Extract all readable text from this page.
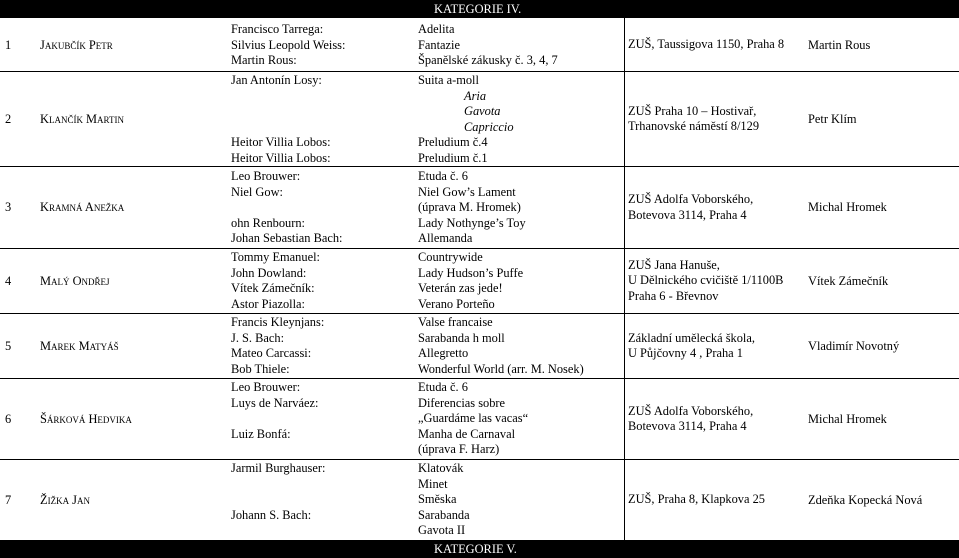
KATEGORIE IV.
1 Jakubčík Petr
Francisco Tarrega:
Silvius Leopold Weiss:
Martin Rous:
Adelita
Fantazie
Španělské zákusky č. 3, 4, 7
ZUŠ, Taussigova 1150, Praha 8 Martin Rous
2 Klančík Martin
Jan Antonín Losy:
Heitor Villia Lobos:
Heitor Villia Lobos:
Suita a-moll
Aria
Gavota
Capriccio
Preludium č.4
Preludium č.1
ZUŠ Praha 10 – Hostivař,
Trhanovské náměstí 8/129
Petr Klím
3 Kramná Anežka
Leo Brouwer:
Niel Gow:
ohn Renbourn:
Johan Sebastian Bach:
Etuda č. 6
Niel Gow’s Lament
(úprava M. Hromek)
Lady Nothynge’s Toy
Allemanda
ZUŠ Adolfa Voborského,
Botevova 3114, Praha 4
Michal Hromek
4 Malý Ondřej
Tommy Emanuel:
John Dowland:
Vítek Zámečník:
Astor Piazolla:
Countrywide
Lady Hudson’s Puffe
Veterán zas jede!
Verano Porteño
ZUŠ Jana Hanuše,
U Dělnického cvičiště 1/1100B
Praha 6 - Břevnov
Vítek Zámečník
5 Marek Matyáš
Francis Kleynjans:
J. S. Bach:
Mateo Carcassi:
Bob Thiele:
Valse francaise
Sarabanda h moll
Allegretto
Wonderful World (arr. M. Nosek)
Základní umělecká škola,
U Půjčovny 4 , Praha 1
Vladimír Novotný
6 Šárková Hedvika
Leo Brouwer:
Luys de Narváez:
Luiz Bonfá:
Etuda č. 6
Diferencias sobre
„Guardáme las vacas“
Manha de Carnaval
(úprava F. Harz)
ZUŠ Adolfa Voborského,
Botevova 3114, Praha 4
Michal Hromek
7 Žižka Jan
Jarmil Burghauser:
Johann S. Bach:
Klatovák
Minet
Směska
Sarabanda
Gavota II
ZUŠ, Praha 8, Klapkova 25	Zdeňka Kopecká Nová
KATEGORIE V.
